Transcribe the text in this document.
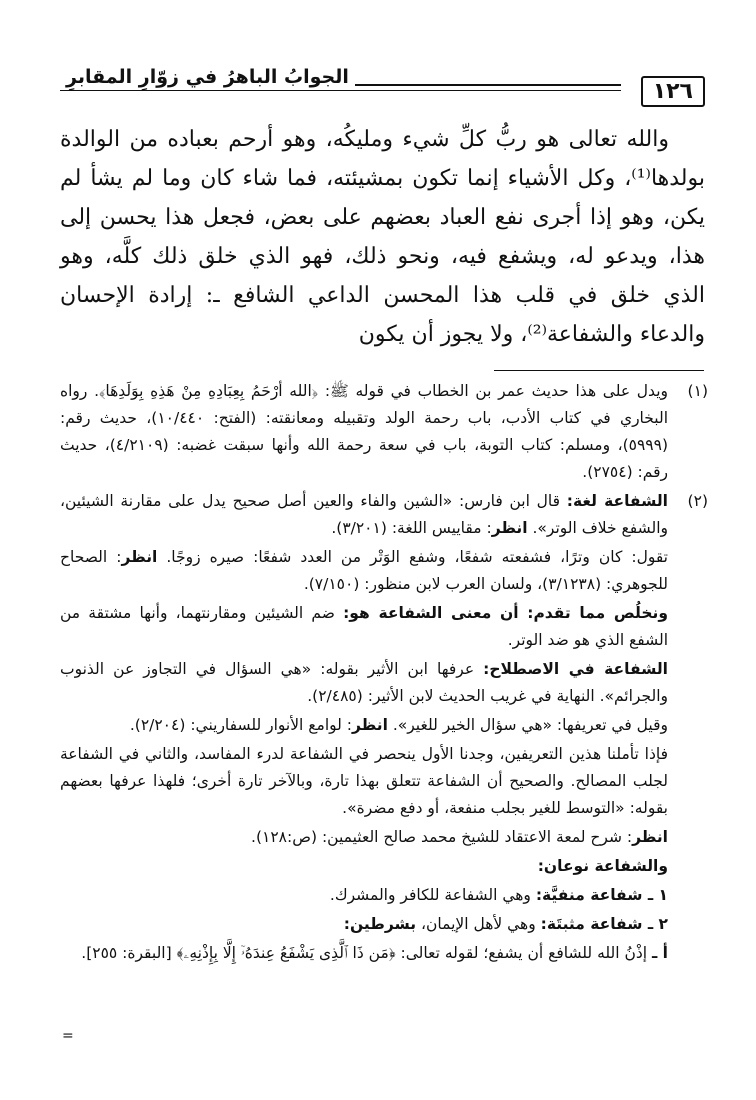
١٢٦
الجوابُ الباهرُ في زوّارِ المقابرِ

والله تعالى هو ربُّ كلِّ شيء ومليكُه، وهو أرحم بعباده من الوالدة بولدها⁽¹⁾، وكل الأشياء إنما تكون بمشيئته، فما شاء كان وما لم يشأ لم يكن، وهو إذا أجرى نفع العباد بعضهم على بعض، فجعل هذا يحسن إلى هذا، ويدعو له، ويشفع فيه، ونحو ذلك، فهو الذي خلق ذلك كلَّه، وهو الذي خلق في قلب هذا المحسن الداعي الشافع ـ: إرادة الإحسان والدعاء والشفاعة⁽²⁾، ولا يجوز أن يكون

(١)

ويدل على هذا حديث عمر بن الخطاب في قوله ﷺ: ﴿الله أرْحَمُ بِعِبَادِهِ مِنْ هَذِهِ بِوَلَدِهَا﴾. رواه البخاري في كتاب الأدب، باب رحمة الولد وتقبيله ومعانقته: (الفتح: ١٠/٤٤٠)، حديث رقم: (٥٩٩٩)، ومسلم: كتاب التوبة، باب في سعة رحمة الله وأنها سبقت غضبه: (٤/٢١٠٩)، حديث رقم: (٢٧٥٤).

(٢)

الشفاعة لغة: قال ابن فارس: «الشين والفاء والعين أصل صحيح يدل على مقارنة الشيئين، والشفع خلاف الوتر». انظر: مقاييس اللغة: (٣/٢٠١).

تقول: كان وترًا، فشفعته شفعًا، وشفع الوَتْر من العدد شفعًا: صيره زوجًا. انظر: الصحاح للجوهري: (٣/١٢٣٨)، ولسان العرب لابن منظور: (٧/١٥٠).

ونخلُص مما تقدم: أن معنى الشفاعة هو: ضم الشيئين ومقارنتهما، وأنها مشتقة من الشفع الذي هو ضد الوتر.

الشفاعة في الاصطلاح: عرفها ابن الأثير بقوله: «هي السؤال في التجاوز عن الذنوب والجرائم». النهاية في غريب الحديث لابن الأثير: (٢/٤٨٥).

وقيل في تعريفها: «هي سؤال الخير للغير». انظر: لوامع الأنوار للسفاريني: (٢/٢٠٤).

فإذا تأملنا هذين التعريفين، وجدنا الأول ينحصر في الشفاعة لدرء المفاسد، والثاني في الشفاعة لجلب المصالح. والصحيح أن الشفاعة تتعلق بهذا تارة، وبالآخر تارة أخرى؛ فلهذا عرفها بعضهم بقوله: «التوسط للغير بجلب منفعة، أو دفع مضرة».

انظر: شرح لمعة الاعتقاد للشيخ محمد صالح العثيمين: (ص:١٢٨).

والشفاعة نوعان:

١ ـ شفاعة منفيَّة: وهي الشفاعة للكافر والمشرك.

٢ ـ شفاعة مثبتَة: وهي لأهل الإيمان، بشرطين:

أ ـ إذْنُ الله للشافع أن يشفع؛ لقوله تعالى: ﴿مَن ذَا ٱلَّذِى يَشْفَعُ عِندَهُۥٓ إِلَّا بِإِذْنِهِۦ﴾ [البقرة: ٢٥٥].

=
